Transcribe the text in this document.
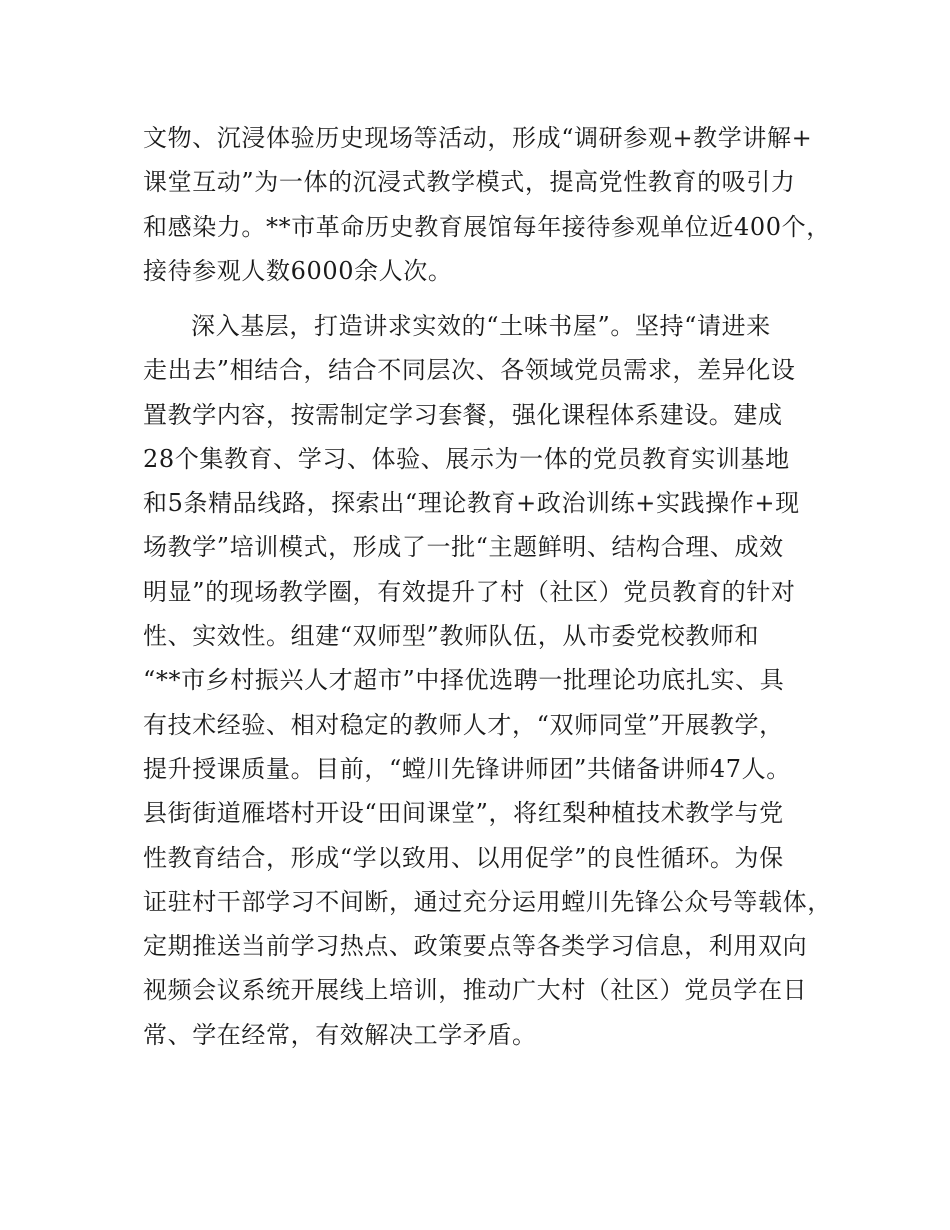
文物、沉浸体验历史现场等活动，形成“调研参观+教学讲解+
课堂互动”为一体的沉浸式教学模式，提高党性教育的吸引力
和感染力。**市革命历史教育展馆每年接待参观单位近400个，
接待参观人数6000余人次。
深入基层，打造讲求实效的“土味书屋”。坚持“请进来
走出去”相结合，结合不同层次、各领域党员需求，差异化设
置教学内容，按需制定学习套餐，强化课程体系建设。建成
28个集教育、学习、体验、展示为一体的党员教育实训基地
和5条精品线路，探索出“理论教育+政治训练+实践操作+现
场教学”培训模式，形成了一批“主题鲜明、结构合理、成效
明显”的现场教学圈，有效提升了村（社区）党员教育的针对
性、实效性。组建“双师型”教师队伍，从市委党校教师和
“**市乡村振兴人才超市”中择优选聘一批理论功底扎实、具
有技术经验、相对稳定的教师人才，“双师同堂”开展教学，
提升授课质量。目前，“螳川先锋讲师团”共储备讲师47人。
县街街道雁塔村开设“田间课堂”，将红梨种植技术教学与党
性教育结合，形成“学以致用、以用促学”的良性循环。为保
证驻村干部学习不间断，通过充分运用螳川先锋公众号等载体，
定期推送当前学习热点、政策要点等各类学习信息，利用双向
视频会议系统开展线上培训，推动广大村（社区）党员学在日
常、学在经常，有效解决工学矛盾。
